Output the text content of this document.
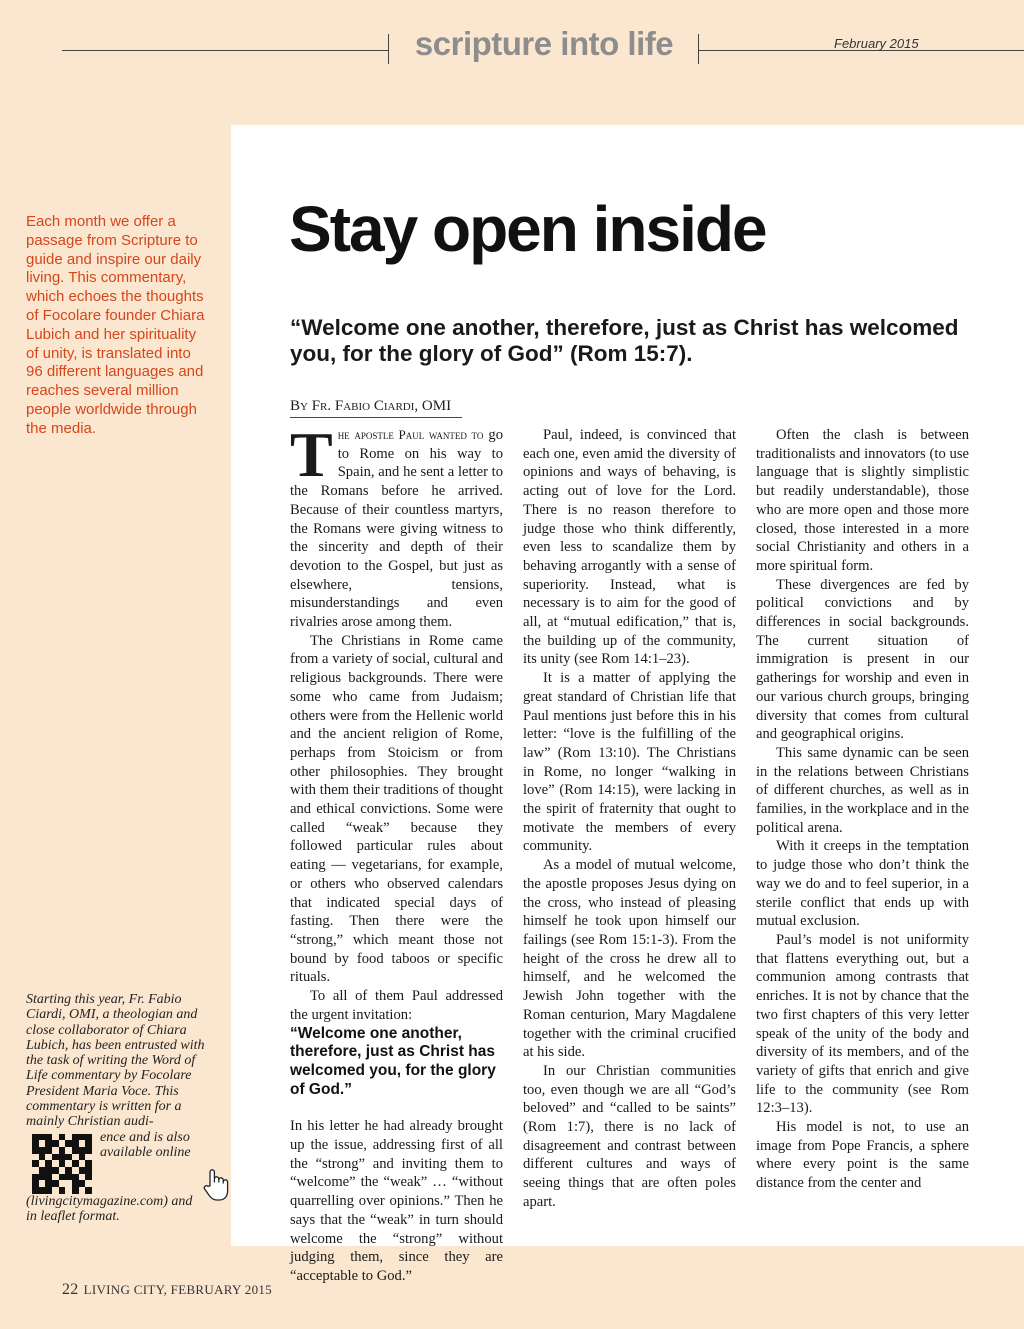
scripture into life	February 2015
Each month we offer a passage from Scripture to guide and inspire our daily living. This commentary, which echoes the thoughts of Focolare founder Chiara Lubich and her spirituality of unity, is translated into 96 different languages and reaches several million people worldwide through the media.
Stay open inside
“Welcome one another, therefore, just as Christ has welcomed you, for the glory of God” (Rom 15:7).
By Fr. Fabio Ciardi, OMI

The apostle Paul wanted to go to Rome on his way to Spain, and he sent a letter to the Romans before he arrived. Because of their countless martyrs, the Romans were giving witness to the sincerity and depth of their devotion to the Gospel, but just as elsewhere, tensions, misunderstandings and even rivalries arose among them.

The Christians in Rome came from a variety of social, cultural and religious backgrounds. There were some who came from Judaism; others were from the Hellenic world and the ancient religion of Rome, perhaps from Stoicism or from other philosophies. They brought with them their traditions of thought and ethical convictions. Some were called “weak” because they followed particular rules about eating — vegetarians, for example, or others who observed calendars that indicated special days of fasting. Then there were the “strong,” which meant those not bound by food taboos or specific rituals.

To all of them Paul addressed the urgent invitation:

“Welcome one another, therefore, just as Christ has welcomed you, for the glory of God.”

In his letter he had already brought up the issue, addressing first of all the “strong” and inviting them to “welcome” the “weak” … “without quarrelling over opinions.” Then he says that the “weak” in turn should welcome the “strong” without judging them, since they are “acceptable to God.”

Paul, indeed, is convinced that each one, even amid the diversity of opinions and ways of behaving, is acting out of love for the Lord. There is no reason therefore to judge those who think differently, even less to scandalize them by behaving arrogantly with a sense of superiority. Instead, what is necessary is to aim for the good of all, at “mutual edification,” that is, the building up of the community, its unity (see Rom 14:1–23).

It is a matter of applying the great standard of Christian life that Paul mentions just before this in his letter: “love is the fulfilling of the law” (Rom 13:10). The Christians in Rome, no longer “walking in love” (Rom 14:15), were lacking in the spirit of fraternity that ought to motivate the members of every community.

As a model of mutual welcome, the apostle proposes Jesus dying on the cross, who instead of pleasing himself he took upon himself our failings (see Rom 15:1-3). From the height of the cross he drew all to himself, and he welcomed the Jewish John together with the Roman centurion, Mary Magdalene together with the criminal crucified at his side.

In our Christian communities too, even though we are all “God’s beloved” and “called to be saints” (Rom 1:7), there is no lack of disagreement and contrast between different cultures and ways of seeing things that are often poles apart.

Often the clash is between traditionalists and innovators (to use language that is slightly simplistic but readily understandable), those who are more open and those more closed, those interested in a more social Christianity and others in a more spiritual form.

These divergences are fed by political convictions and by differences in social backgrounds. The current situation of immigration is present in our gatherings for worship and even in our various church groups, bringing diversity that comes from cultural and geographical origins.

This same dynamic can be seen in the relations between Christians of different churches, as well as in families, in the workplace and in the political arena.

With it creeps in the temptation to judge those who don’t think the way we do and to feel superior, in a sterile conflict that ends up with mutual exclusion.

Paul’s model is not uniformity that flattens everything out, but a communion among contrasts that enriches. It is not by chance that the two first chapters of this very letter speak of the unity of the body and diversity of its members, and of the variety of gifts that enrich and give life to the community (see Rom 12:3–13).

His model is not, to use an image from Pope Francis, a sphere where every point is the same distance from the center and

Starting this year, Fr. Fabio Ciardi, OMI, a theologian and close collaborator of Chiara Lubich, has been entrusted with the task of writing the Word of Life commentary by Focolare President Maria Voce. This commentary is written for a mainly Christian audi-
ence and is also available online (livingcitymagazine.com) and in leaflet format.
22 LIVING CITY, FEBRUARY 2015
